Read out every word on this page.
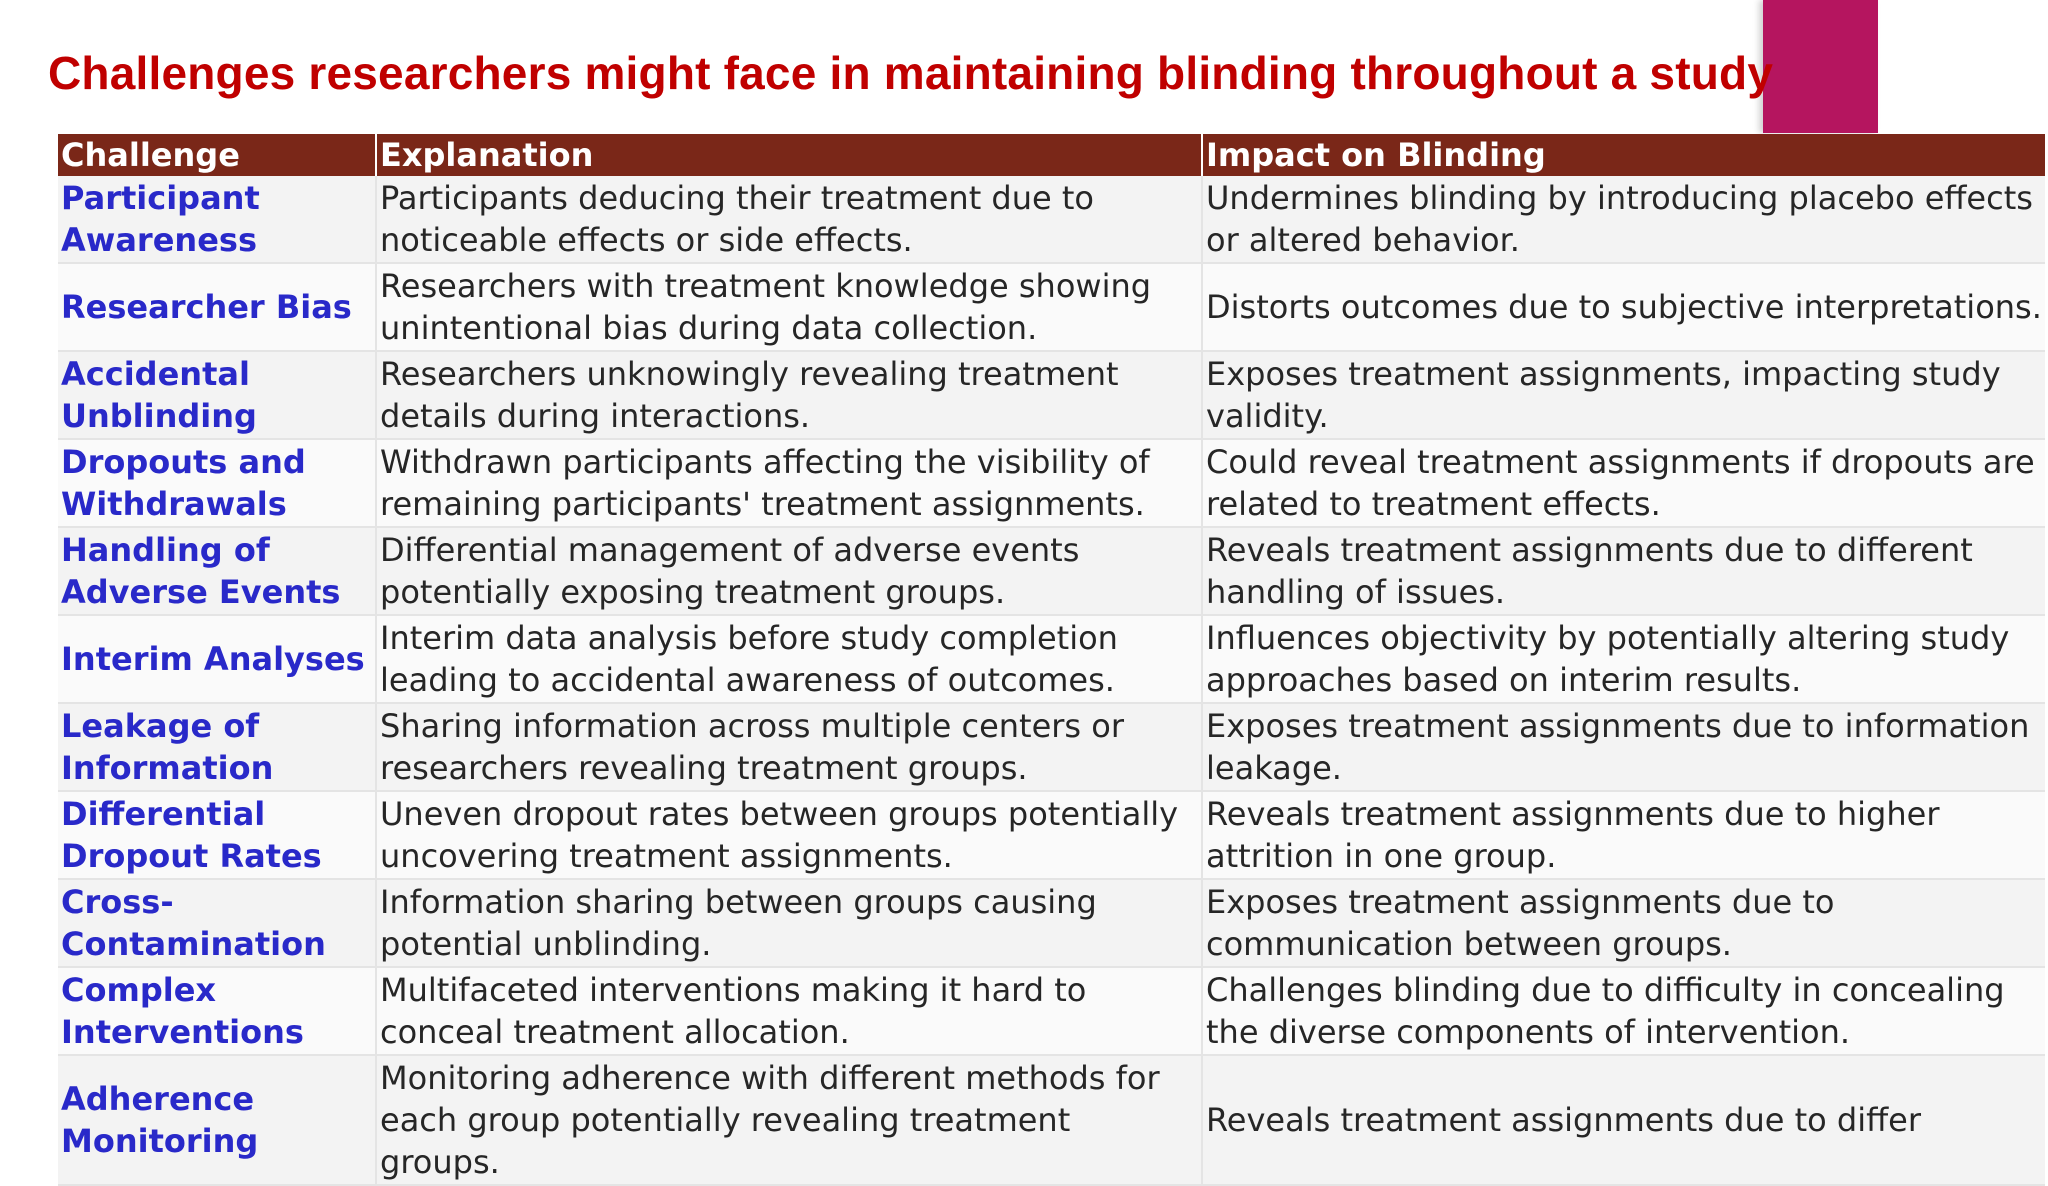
Challenges researchers might face in maintaining blinding throughout a study
Challenge	Explanation	Impact on Blinding
Participant Awareness	Participants deducing their treatment due to noticeable effects or side effects.	Undermines blinding by introducing placebo effects or altered behavior.
Researcher Bias	Researchers with treatment knowledge showing unintentional bias during data collection.	Distorts outcomes due to subjective interpretations.
Accidental Unblinding	Researchers unknowingly revealing treatment details during interactions.	Exposes treatment assignments, impacting study validity.
Dropouts and Withdrawals	Withdrawn participants affecting the visibility of remaining participants' treatment assignments.	Could reveal treatment assignments if dropouts are related to treatment effects.
Handling of Adverse Events	Differential management of adverse events potentially exposing treatment groups.	Reveals treatment assignments due to different handling of issues.
Interim Analyses	Interim data analysis before study completion leading to accidental awareness of outcomes.	Influences objectivity by potentially altering study approaches based on interim results.
Leakage of Information	Sharing information across multiple centers or researchers revealing treatment groups.	Exposes treatment assignments due to information leakage.
Differential Dropout Rates	Uneven dropout rates between groups potentially uncovering treatment assignments.	Reveals treatment assignments due to higher attrition in one group.
Cross-Contamination	Information sharing between groups causing potential unblinding.	Exposes treatment assignments due to communication between groups.
Complex Interventions	Multifaceted interventions making it hard to conceal treatment allocation.	Challenges blinding due to difficulty in concealing the diverse components of intervention.
Adherence Monitoring	Monitoring adherence with different methods for each group potentially revealing treatment groups.	Reveals treatment assignments due to differ
